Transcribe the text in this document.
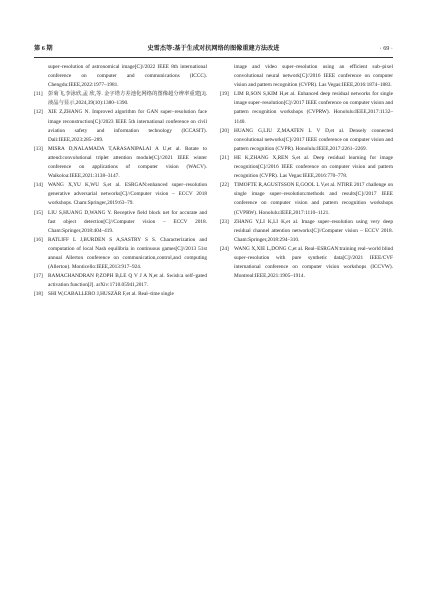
第 6 期	史雪杰等:基于生成对抗网络的图像重建方法改进	· 69 ·

super–resolution of astronomical image[C]//2022 IEEE 8th international conference on computer and communications (ICCC). Chengdu:IEEE,2022:1977–1981.

[11] 彭菊飞,李泳欣,孟 欣,等. 金字塔方差池化网络的图像超分辨率重建[J]. 液晶与显示,2024,39(10):1380–1390.

[12] XIE Z,ZHANG N. Improved algorithm for GAN super–resolution face image reconstruction[C]//2023 IEEE 5th international conference on civil aviation safety and information technology (ICCASIT). Dali:IEEE,2023:285–289.

[13] MISRA D,NALAMADA T,ARASANIPALAI A U,et al. Rotate to attend:convolutional triplet attention module[C]//2021 IEEE winter conference on applications of computer vision (WACV). Waikoloa:IEEE,2021:3138–3147.

[14] WANG X,YU K,WU S,et al. ESRGAN:enhanced super–resolution generative adversarial networks[C]//Computer vision – ECCV 2018 workshops. Cham:Springer,2019:63–79.

[15] LIU S,HUANG D,WANG Y. Receptive field block net for accurate and fast object detection[C]//Computer vision – ECCV 2018. Cham:Springer,2018:404–419.

[16] RATLIFF L J,BURDEN S A,SASTRY S S. Characterization and computation of local Nash equilibria in continuous games[C]//2013 51st annual Allerton conference on communication,control,and computing (Allerton). Monticello:IEEE,2013:917–924.

[17] RAMACHANDRAN P,ZOPH B,LE Q V J A N,et al. Swish:a self–gated activation function[J]. arXiv:1710.05941,2017.

[18] SHI W,CABALLERO J,HUSZÁR F,et al. Real–time single

image and video super–resolution using an efficient sub–pixel convolutional neural network[C]//2016 IEEE conference on computer vision and pattern recognition (CVPR). Las Vegas:IEEE,2016:1874–1883.

[19] LIM B,SON S,KIM H,et al. Enhanced deep residual networks for single image super–resolution[C]//2017 IEEE conference on computer vision and pattern recognition workshops (CVPRW). Honolulu:IEEE,2017:1132–1140.

[20] HUANG G,LIU Z,MAATEN L V D,et al. Densely connected convolutional networks[C]//2017 IEEE conference on computer vision and pattern recognition (CVPR). Honolulu:IEEE,2017:2261–2269.

[21] HE K,ZHANG X,REN S,et al. Deep residual learning for image recognition[C]//2016 IEEE conference on computer vision and pattern recognition (CVPR). Las Vegas:IEEE,2016:770–778.

[22] TIMOFTE R,AGUSTSSON E,GOOL L V,et al. NTIRE 2017 challenge on single image super–resolution:methods and results[C]//2017 IEEE conference on computer vision and pattern recognition workshops (CVPRW). Honolulu:IEEE,2017:1110–1121.

[23] ZHANG Y,LI K,LI K,et al. Image super–resolution using very deep residual channel attention networks[C]//Computer vision – ECCV 2018. Cham:Springer,2018:294–310.

[24] WANG X,XIE L,DONG C,et al. Real–ESRGAN:training real–world blind super–resolution with pure synthetic data[C]//2021 IEEE/CVF international conference on computer vision workshops (ICCVW). Montreal:IEEE,2021:1905–1914.
